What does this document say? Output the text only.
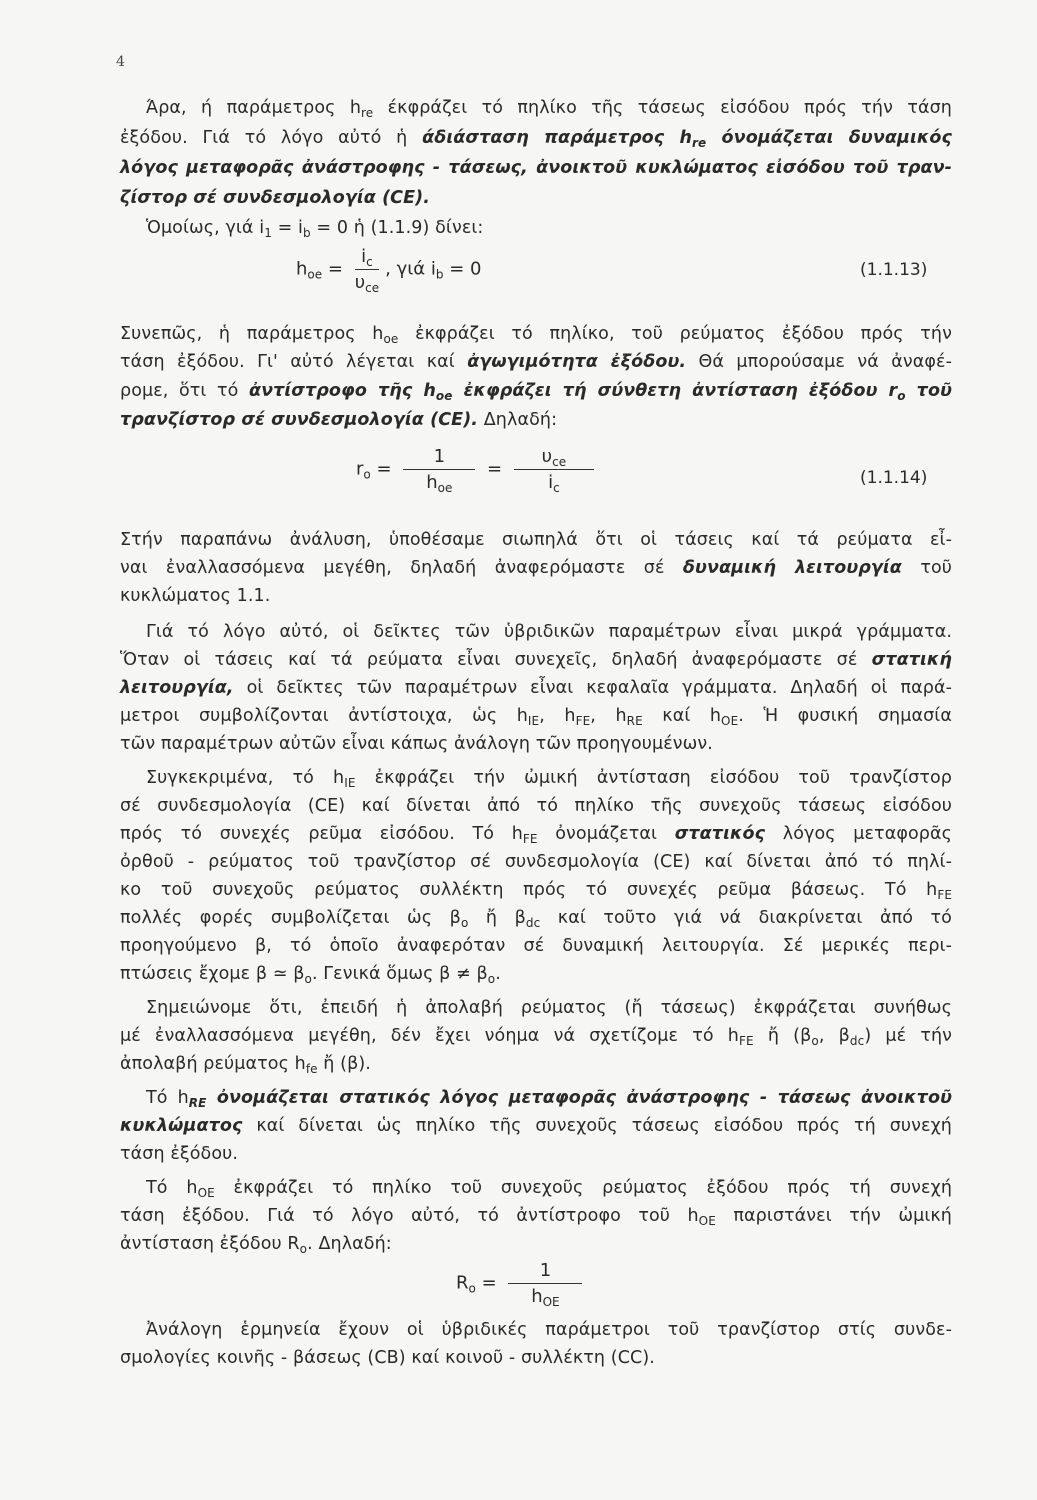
4
Άρα, ή παράμετρος $h_{re}$ έκφράζει τό πηλίκο τῆς τάσεως εἰσόδου πρός τήν τάση
ἐξόδου. Γιά τό λόγο αὐτό ἡ άδιάσταση παράμετρος $h_{re}$ όνομάζεται δυναμικός
λόγος μεταφορᾶς ἀνάστροφης - τάσεως, ἀνοικτοῦ κυκλώματος εἰσόδου τοῦ τραν-
ζίστορ σέ συνδεσμολογία (CE).
Ὁμοίως, γιά $i_1 = i_b = 0$ ἡ (1.1.9) δίνει:
$h_{oe} = \frac{i_c}{\upsilon_{ce}}$ , γιά $i_b = 0$	(1.1.13)
Συνεπῶς, ἡ παράμετρος $h_{oe}$ ἐκφράζει τό πηλίκο, τοῦ ρεύματος ἐξόδου πρός τήν
τάση ἐξόδου. Γι' αὐτό λέγεται καί ἀγωγιμότητα ἐξόδου. Θά μπορούσαμε νά ἀναφέ-
ρομε, ὅτι τό ἀντίστροφο τῆς $h_{oe}$ ἐκφράζει τή σύνθετη ἀντίσταση ἐξόδου $r_o$ τοῦ
τρανζίστορ σέ συνδεσμολογία (CE). Δηλαδή:
$r_o = \frac{1}{h_{oe}} = \frac{\upsilon_{ce}}{i_c}$	(1.1.14)
Στήν παραπάνω ἀνάλυση, ὑποθέσαμε σιωπηλά ὅτι οἱ τάσεις καί τά ρεύματα εἶ-
ναι ἐναλλασσόμενα μεγέθη, δηλαδή ἀναφερόμαστε σέ δυναμική λειτουργία τοῦ
κυκλώματος 1.1.
Γιά τό λόγο αὐτό, οἱ δεῖκτες τῶν ὑβριδικῶν παραμέτρων εἶναι μικρά γράμματα.
Ὅταν οἱ τάσεις καί τά ρεύματα εἶναι συνεχεῖς, δηλαδή ἀναφερόμαστε σέ στατική
λειτουργία, οἱ δεῖκτες τῶν παραμέτρων εἶναι κεφαλαῖα γράμματα. Δηλαδή οἱ παρά-
μετροι συμβολίζονται ἀντίστοιχα, ὡς $h_{IE}$, $h_{FE}$, $h_{RE}$ καί $h_{OE}$. Ἡ φυσική σημασία
τῶν παραμέτρων αὐτῶν εἶναι κάπως ἀνάλογη τῶν προηγουμένων.
Συγκεκριμένα, τό $h_{IE}$ ἐκφράζει τήν ὠμική ἀντίσταση εἰσόδου τοῦ τρανζίστορ
σέ συνδεσμολογία (CE) καί δίνεται ἀπό τό πηλίκο τῆς συνεχοῦς τάσεως εἰσόδου
πρός τό συνεχές ρεῦμα εἰσόδου. Τό $h_{FE}$ ὀνομάζεται στατικός λόγος μεταφορᾶς
ὀρθοῦ - ρεύματος τοῦ τρανζίστορ σέ συνδεσμολογία (CE) καί δίνεται ἀπό τό πηλί-
κο τοῦ συνεχοῦς ρεύματος συλλέκτη πρός τό συνεχές ρεῦμα βάσεως. Τό $h_{FE}$
πολλές φορές συμβολίζεται ὡς $\beta_o$ ἤ $\beta_{dc}$ καί τοῦτο γιά νά διακρίνεται ἀπό τό
προηγούμενο β, τό ὁποῖο ἀναφερόταν σέ δυναμική λειτουργία. Σέ μερικές περι-
πτώσεις ἔχομε β ≃ $\beta_o$. Γενικά ὅμως $\beta \ne \beta_o$.
Σημειώνομε ὅτι, ἐπειδή ἡ ἀπολαβή ρεύματος (ἤ τάσεως) ἐκφράζεται συνήθως
μέ ἐναλλασσόμενα μεγέθη, δέν ἔχει νόημα νά σχετίζομε τό $h_{FE}$ ἤ ($\beta_o$, $\beta_{dc}$) μέ τήν
ἀπολαβή ρεύματος $h_{fe}$ ἤ (β).
Τό $h_{RE}$ ὀνομάζεται στατικός λόγος μεταφορᾶς ἀνάστροφης - τάσεως ἀνοικτοῦ
κυκλώματος καί δίνεται ὡς πηλίκο τῆς συνεχοῦς τάσεως εἰσόδου πρός τή συνεχή
τάση ἐξόδου.
Τό $h_{OE}$ ἐκφράζει τό πηλίκο τοῦ συνεχοῦς ρεύματος ἐξόδου πρός τή συνεχή
τάση ἐξόδου. Γιά τό λόγο αὐτό, τό ἀντίστροφο τοῦ $h_{OE}$ παριστάνει τήν ὠμική
ἀντίσταση ἐξόδου $R_o$. Δηλαδή:
$R_o = \frac{1}{h_{OE}}$
Ἀνάλογη ἑρμηνεία ἔχουν οἱ ὑβριδικές παράμετροι τοῦ τρανζίστορ στίς συνδε-
σμολογίες κοινῆς - βάσεως (CB) καί κοινοῦ - συλλέκτη (CC).
